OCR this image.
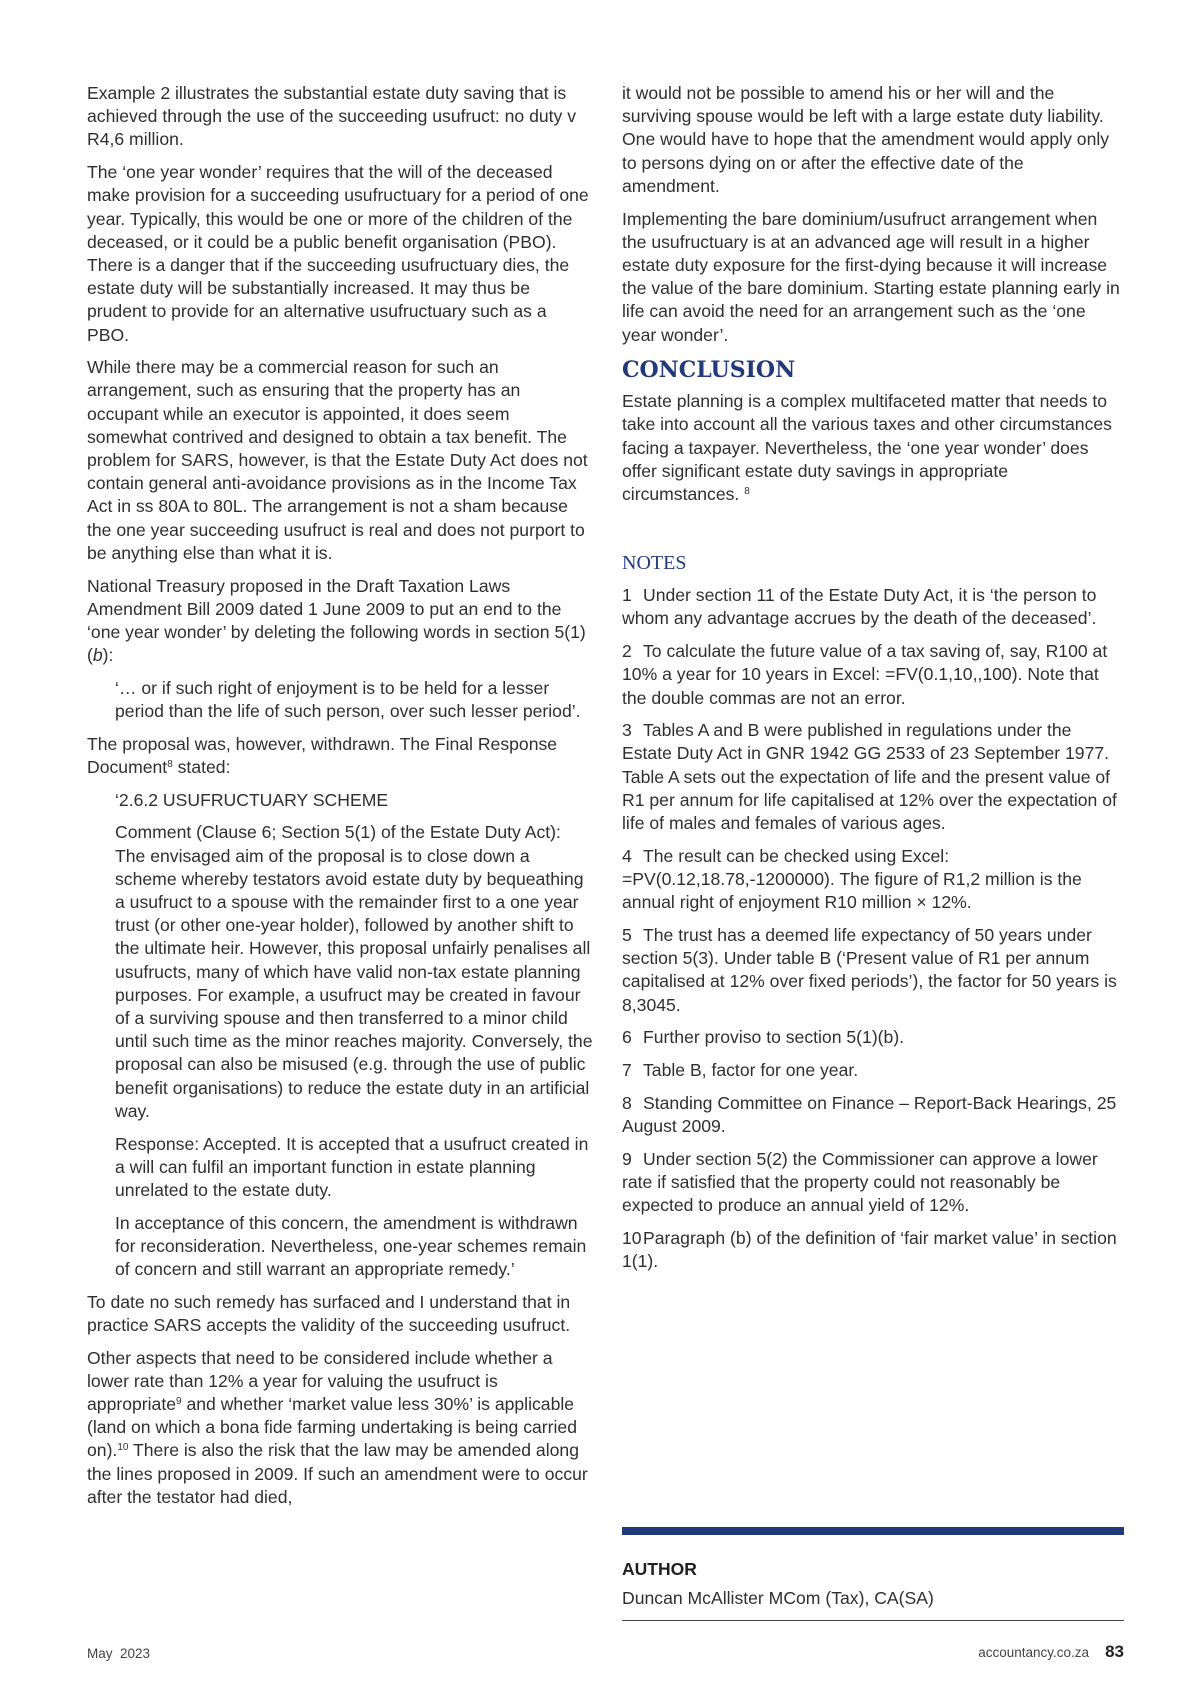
Example 2 illustrates the substantial estate duty saving that is achieved through the use of the succeeding usufruct: no duty v R4,6 million.

The ‘one year wonder’ requires that the will of the deceased make provision for a succeeding usufructuary for a period of one year. Typically, this would be one or more of the children of the deceased, or it could be a public benefit organisation (PBO). There is a danger that if the succeeding usufructuary dies, the estate duty will be substantially increased. It may thus be prudent to provide for an alternative usufructuary such as a PBO.

While there may be a commercial reason for such an arrangement, such as ensuring that the property has an occupant while an executor is appointed, it does seem somewhat contrived and designed to obtain a tax benefit. The problem for SARS, however, is that the Estate Duty Act does not contain general anti-avoidance provisions as in the Income Tax Act in ss 80A to 80L. The arrangement is not a sham because the one year succeeding usufruct is real and does not purport to be anything else than what it is.

National Treasury proposed in the Draft Taxation Laws Amendment Bill 2009 dated 1 June 2009 to put an end to the ‘one year wonder’ by deleting the following words in section 5(1)(b):

‘… or if such right of enjoyment is to be held for a lesser period than the life of such person, over such lesser period’.

The proposal was, however, withdrawn. The Final Response Document$^8$ stated:

‘2.6.2 USUFRUCTUARY SCHEME

Comment (Clause 6; Section 5(1) of the Estate Duty Act): The envisaged aim of the proposal is to close down a scheme whereby testators avoid estate duty by bequeathing a usufruct to a spouse with the remainder first to a one year trust (or other one-year holder), followed by another shift to the ultimate heir. However, this proposal unfairly penalises all usufructs, many of which have valid non-tax estate planning purposes. For example, a usufruct may be created in favour of a surviving spouse and then transferred to a minor child until such time as the minor reaches majority. Conversely, the proposal can also be misused (e.g. through the use of public benefit organisations) to reduce the estate duty in an artificial way.

Response: Accepted. It is accepted that a usufruct created in a will can fulfil an important function in estate planning unrelated to the estate duty.

In acceptance of this concern, the amendment is withdrawn for reconsideration. Nevertheless, one-year schemes remain of concern and still warrant an appropriate remedy.’

To date no such remedy has surfaced and I understand that in practice SARS accepts the validity of the succeeding usufruct.

Other aspects that need to be considered include whether a lower rate than 12% a year for valuing the usufruct is appropriate$^9$ and whether ‘market value less 30%’ is applicable (land on which a bona fide farming undertaking is being carried on).$^{10}$ There is also the risk that the law may be amended along the lines proposed in 2009. If such an amendment were to occur after the testator had died,

it would not be possible to amend his or her will and the surviving spouse would be left with a large estate duty liability. One would have to hope that the amendment would apply only to persons dying on or after the effective date of the amendment.

Implementing the bare dominium/usufruct arrangement when the usufructuary is at an advanced age will result in a higher estate duty exposure for the first-dying because it will increase the value of the bare dominium. Starting estate planning early in life can avoid the need for an arrangement such as the ‘one year wonder’.

CONCLUSION

Estate planning is a complex multifaceted matter that needs to take into account all the various taxes and other circumstances facing a taxpayer. Nevertheless, the ‘one year wonder’ does offer significant estate duty savings in appropriate circumstances. $^8$

NOTES

1 Under section 11 of the Estate Duty Act, it is ‘the person to whom any advantage accrues by the death of the deceased’.

2 To calculate the future value of a tax saving of, say, R100 at 10% a year for 10 years in Excel: =FV(0.1,10,,100). Note that the double commas are not an error.

3 Tables A and B were published in regulations under the Estate Duty Act in GNR 1942 GG 2533 of 23 September 1977. Table A sets out the expectation of life and the present value of R1 per annum for life capitalised at 12% over the expectation of life of males and females of various ages.

4 The result can be checked using Excel: =PV(0.12,18.78,-1200000). The figure of R1,2 million is the annual right of enjoyment R10 million × 12%.

5 The trust has a deemed life expectancy of 50 years under section 5(3). Under table B (‘Present value of R1 per annum capitalised at 12% over fixed periods’), the factor for 50 years is 8,3045.

6 Further proviso to section 5(1)(b).

7 Table B, factor for one year.

8 Standing Committee on Finance – Report-Back Hearings, 25 August 2009.

9 Under section 5(2) the Commissioner can approve a lower rate if satisfied that the property could not reasonably be expected to produce an annual yield of 12%.

10Paragraph (b) of the definition of ‘fair market value’ in section 1(1).

AUTHOR
Duncan McAllister MCom (Tax), CA(SA)
May  2023	accountancy.co.za 83
